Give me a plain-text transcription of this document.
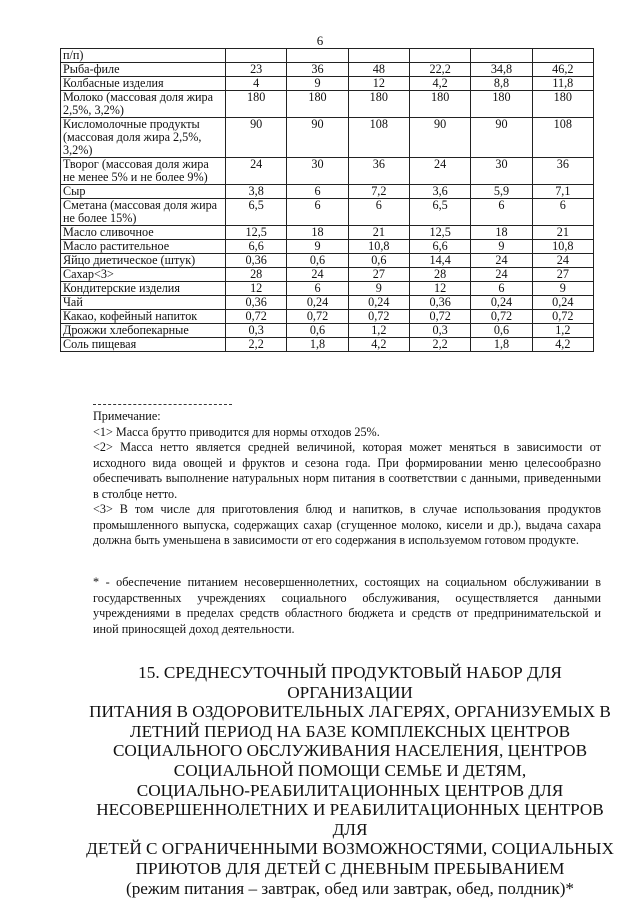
6
п/п)						
Рыба-филе	23	36	48	22,2	34,8	46,2
Колбасные изделия	4	9	12	4,2	8,8	11,8
Молоко (массовая доля жира 2,5%, 3,2%)	180	180	180	180	180	180
Кисломолочные продукты (массовая доля жира 2,5%, 3,2%)	90	90	108	90	90	108
Творог (массовая доля жира не менее 5% и не более 9%)	24	30	36	24	30	36
Сыр	3,8	6	7,2	3,6	5,9	7,1
Сметана (массовая доля жира не более 15%)	6,5	6	6	6,5	6	6
Масло сливочное	12,5	18	21	12,5	18	21
Масло растительное	6,6	9	10,8	6,6	9	10,8
Яйцо диетическое (штук)	0,36	0,6	0,6	14,4	24	24
Сахар<3>	28	24	27	28	24	27
Кондитерские изделия	12	6	9	12	6	9
Чай	0,36	0,24	0,24	0,36	0,24	0,24
Какао, кофейный напиток	0,72	0,72	0,72	0,72	0,72	0,72
Дрожжи хлебопекарные	0,3	0,6	1,2	0,3	0,6	1,2
Соль пищевая	2,2	1,8	4,2	2,2	1,8	4,2

Примечание:

<1> Масса брутто приводится для нормы отходов 25%.

<2> Масса нетто является средней величиной, которая может меняться в зависимости от исходного вида овощей и фруктов и сезона года. При формировании меню целесообразно обеспечивать выполнение натуральных норм питания в соответствии с данными, приведенными в столбце нетто.

<3> В том числе для приготовления блюд и напитков, в случае использования продуктов промышленного выпуска, содержащих сахар (сгущенное молоко, кисели и др.), выдача сахара должна быть уменьшена в зависимости от его содержания в используемом готовом продукте.

* - обеспечение питанием несовершеннолетних, состоящих на социальном обслуживании в государственных учреждениях социального обслуживания, осуществляется данными учреждениями в пределах средств областного бюджета и средств от предпринимательской и иной приносящей доход деятельности.

15. СРЕДНЕСУТОЧНЫЙ ПРОДУКТОВЫЙ НАБОР ДЛЯ ОРГАНИЗАЦИИ
ПИТАНИЯ В ОЗДОРОВИТЕЛЬНЫХ ЛАГЕРЯХ, ОРГАНИЗУЕМЫХ В
ЛЕТНИЙ ПЕРИОД НА БАЗЕ КОМПЛЕКСНЫХ ЦЕНТРОВ
СОЦИАЛЬНОГО ОБСЛУЖИВАНИЯ НАСЕЛЕНИЯ, ЦЕНТРОВ
СОЦИАЛЬНОЙ ПОМОЩИ СЕМЬЕ И ДЕТЯМ,
СОЦИАЛЬНО-РЕАБИЛИТАЦИОННЫХ ЦЕНТРОВ ДЛЯ
НЕСОВЕРШЕННОЛЕТНИХ И РЕАБИЛИТАЦИОННЫХ ЦЕНТРОВ ДЛЯ
ДЕТЕЙ С ОГРАНИЧЕННЫМИ ВОЗМОЖНОСТЯМИ, СОЦИАЛЬНЫХ
ПРИЮТОВ ДЛЯ ДЕТЕЙ С ДНЕВНЫМ ПРЕБЫВАНИЕМ
(режим питания – завтрак, обед или завтрак, обед, полдник)*
